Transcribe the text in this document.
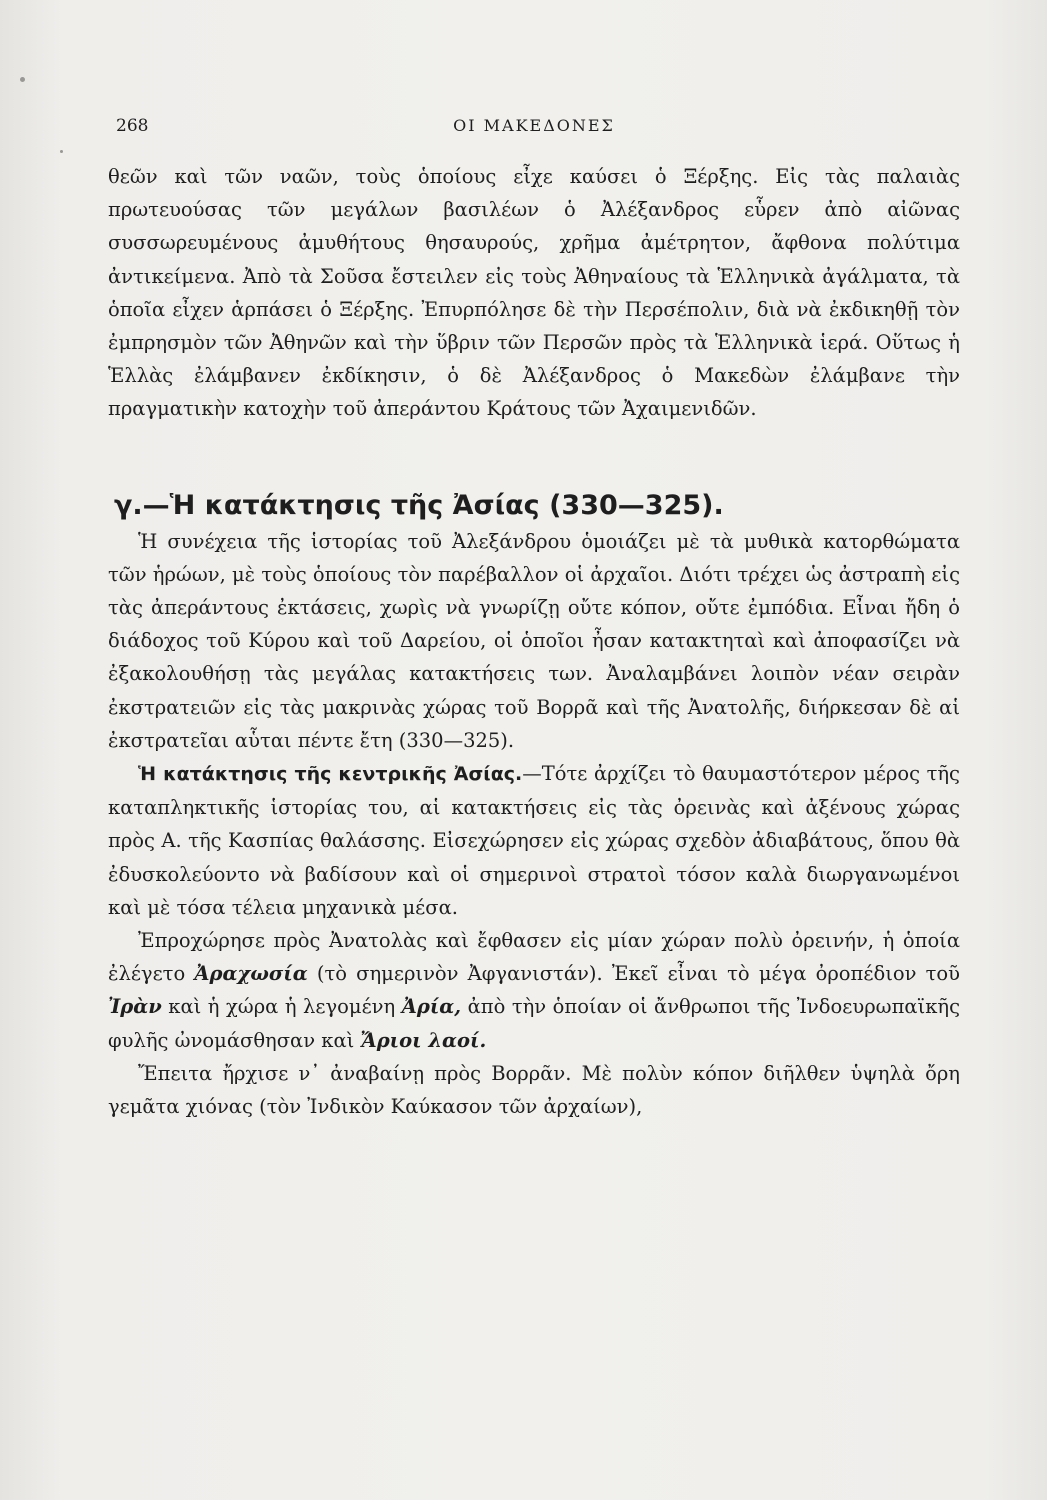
268	ΟΙ ΜΑΚΕΔΟΝΕΣ

θεῶν καὶ τῶν ναῶν, τοὺς ὁποίους εἶχε καύσει ὁ Ξέρξης. Εἰς τὰς παλαιὰς πρωτευούσας τῶν μεγάλων βασιλέων ὁ Ἀλέξανδρος εὗρεν ἀπὸ αἰῶνας συσσωρευμένους ἀμυθήτους θησαυρούς, χρῆμα ἀμέτρητον, ἄφθονα πολύτιμα ἀντικείμενα. Ἀπὸ τὰ Σοῦσα ἔστειλεν εἰς τοὺς Ἀθηναίους τὰ Ἑλληνικὰ ἀγάλματα, τὰ ὁποῖα εἶχεν ἁρπάσει ὁ Ξέρξης. Ἐπυρπόλησε δὲ τὴν Περσέπολιν, διὰ νὰ ἐκδικηθῇ τὸν ἐμπρησμὸν τῶν Ἀθηνῶν καὶ τὴν ὕβριν τῶν Περσῶν πρὸς τὰ Ἑλληνικὰ ἱερά. Οὕτως ἡ Ἑλλὰς ἐλάμβανεν ἐκδίκησιν, ὁ δὲ Ἀλέξανδρος ὁ Μακεδὼν ἐλάμβανε τὴν πραγματικὴν κατοχὴν τοῦ ἀπεράντου Κράτους τῶν Ἀχαιμενιδῶν.

γ.—Ἡ κατάκτησις τῆς Ἀσίας (330—325).

Ἡ συνέχεια τῆς ἱστορίας τοῦ Ἀλεξάνδρου ὁμοιάζει μὲ τὰ μυθικὰ κατορθώματα τῶν ἡρώων, μὲ τοὺς ὁποίους τὸν παρέβαλλον οἱ ἀρχαῖοι. Διότι τρέχει ὡς ἀστραπὴ εἰς τὰς ἀπεράντους ἐκτάσεις, χωρὶς νὰ γνωρίζῃ οὔτε κόπον, οὔτε ἐμπόδια. Εἶναι ἤδη ὁ διάδοχος τοῦ Κύρου καὶ τοῦ Δαρείου, οἱ ὁποῖοι ἦσαν κατακτηταὶ καὶ ἀποφασίζει νὰ ἐξακολουθήσῃ τὰς μεγάλας κατακτήσεις των. Ἀναλαμβάνει λοιπὸν νέαν σειρὰν ἐκστρατειῶν εἰς τὰς μακρινὰς χώρας τοῦ Βορρᾶ καὶ τῆς Ἀνατολῆς, διήρκεσαν δὲ αἱ ἐκστρατεῖαι αὗται πέντε ἔτη (330—325).

Ἡ κατάκτησις τῆς κεντρικῆς Ἀσίας.—Τότε ἀρχίζει τὸ θαυμαστότερον μέρος τῆς καταπληκτικῆς ἱστορίας του, αἱ κατακτήσεις εἰς τὰς ὀρεινὰς καὶ ἀξένους χώρας πρὸς Α. τῆς Κασπίας θαλάσσης. Εἰσεχώρησεν εἰς χώρας σχεδὸν ἀδιαβάτους, ὅπου θὰ ἐδυσκολεύοντο νὰ βαδίσουν καὶ οἱ σημερινοὶ στρατοὶ τόσον καλὰ διωργανωμένοι καὶ μὲ τόσα τέλεια μηχανικὰ μέσα.

Ἐπροχώρησε πρὸς Ἀνατολὰς καὶ ἔφθασεν εἰς μίαν χώραν πολὺ ὀρεινήν, ἡ ὁποία ἐλέγετο Ἀραχωσία (τὸ σημερινὸν Ἀφγανιστάν). Ἐκεῖ εἶναι τὸ μέγα ὀροπέδιον τοῦ Ἰρὰν καὶ ἡ χώρα ἡ λεγομένη Ἀρία, ἀπὸ τὴν ὁποίαν οἱ ἄνθρωποι τῆς Ἰνδοευρωπαϊκῆς φυλῆς ὠνομάσθησαν καὶ Ἄριοι λαοί.

Ἔπειτα ἤρχισε ν᾿ ἀναβαίνῃ πρὸς Βορρᾶν. Μὲ πολὺν κόπον διῆλθεν ὑψηλὰ ὄρη γεμᾶτα χιόνας (τὸν Ἰνδικὸν Καύκασον τῶν ἀρχαίων),
